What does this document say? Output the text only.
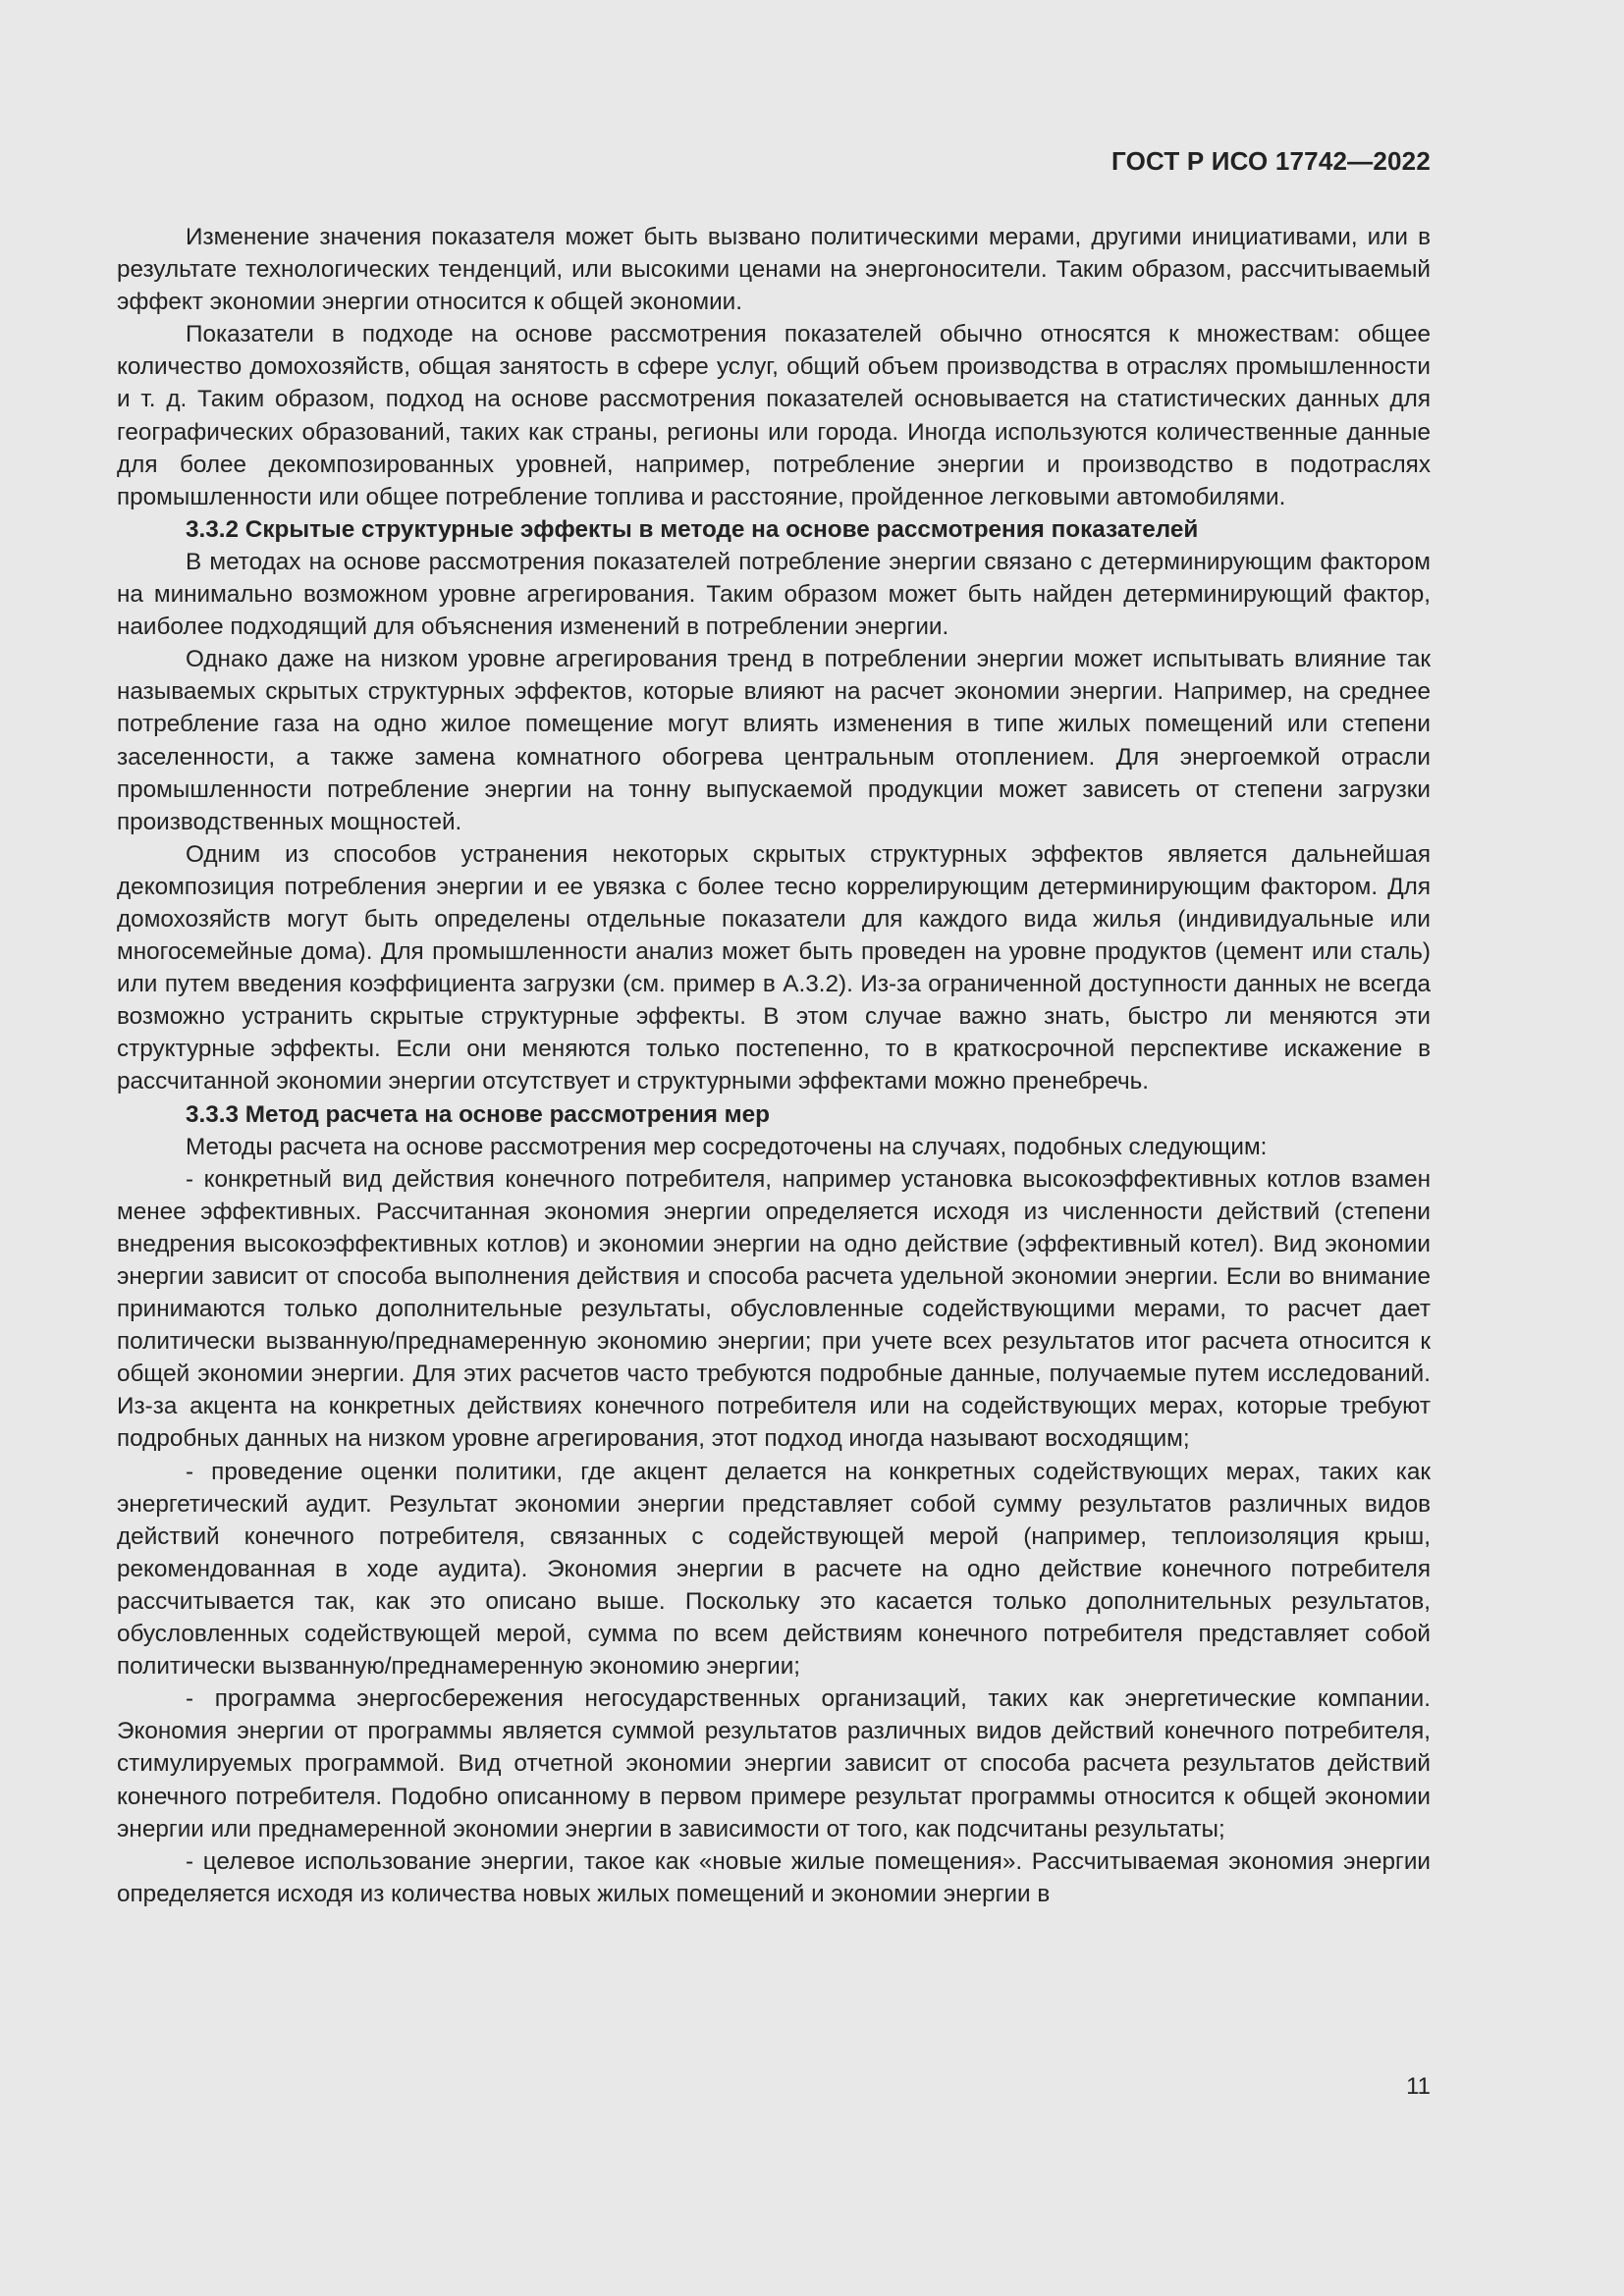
ГОСТ Р ИСО 17742—2022

Изменение значения показателя может быть вызвано политическими мерами, другими инициативами, или в результате технологических тенденций, или высокими ценами на энергоносители. Таким образом, рассчитываемый эффект экономии энергии относится к общей экономии.

Показатели в подходе на основе рассмотрения показателей обычно относятся к множествам: общее количество домохозяйств, общая занятость в сфере услуг, общий объем производства в отраслях промышленности и т. д. Таким образом, подход на основе рассмотрения показателей основывается на статистических данных для географических образований, таких как страны, регионы или города. Иногда используются количественные данные для более декомпозированных уровней, например, потребление энергии и производство в подотраслях промышленности или общее потребление топлива и расстояние, пройденное легковыми автомобилями.

3.3.2 Скрытые структурные эффекты в методе на основе рассмотрения показателей

В методах на основе рассмотрения показателей потребление энергии связано с детерминирующим фактором на минимально возможном уровне агрегирования. Таким образом может быть найден детерминирующий фактор, наиболее подходящий для объяснения изменений в потреблении энергии.

Однако даже на низком уровне агрегирования тренд в потреблении энергии может испытывать влияние так называемых скрытых структурных эффектов, которые влияют на расчет экономии энергии. Например, на среднее потребление газа на одно жилое помещение могут влиять изменения в типе жилых помещений или степени заселенности, а также замена комнатного обогрева центральным отоплением. Для энергоемкой отрасли промышленности потребление энергии на тонну выпускаемой продукции может зависеть от степени загрузки производственных мощностей.

Одним из способов устранения некоторых скрытых структурных эффектов является дальнейшая декомпозиция потребления энергии и ее увязка с более тесно коррелирующим детерминирующим фактором. Для домохозяйств могут быть определены отдельные показатели для каждого вида жилья (индивидуальные или многосемейные дома). Для промышленности анализ может быть проведен на уровне продуктов (цемент или сталь) или путем введения коэффициента загрузки (см. пример в А.3.2). Из-за ограниченной доступности данных не всегда возможно устранить скрытые структурные эффекты. В этом случае важно знать, быстро ли меняются эти структурные эффекты. Если они меняются только постепенно, то в краткосрочной перспективе искажение в рассчитанной экономии энергии отсутствует и структурными эффектами можно пренебречь.

3.3.3 Метод расчета на основе рассмотрения мер

Методы расчета на основе рассмотрения мер сосредоточены на случаях, подобных следующим:

- конкретный вид действия конечного потребителя, например установка высокоэффективных котлов взамен менее эффективных. Рассчитанная экономия энергии определяется исходя из численности действий (степени внедрения высокоэффективных котлов) и экономии энергии на одно действие (эффективный котел). Вид экономии энергии зависит от способа выполнения действия и способа расчета удельной экономии энергии. Если во внимание принимаются только дополнительные результаты, обусловленные содействующими мерами, то расчет дает политически вызванную/преднамеренную экономию энергии; при учете всех результатов итог расчета относится к общей экономии энергии. Для этих расчетов часто требуются подробные данные, получаемые путем исследований. Из-за акцента на конкретных действиях конечного потребителя или на содействующих мерах, которые требуют подробных данных на низком уровне агрегирования, этот подход иногда называют восходящим;

- проведение оценки политики, где акцент делается на конкретных содействующих мерах, таких как энергетический аудит. Результат экономии энергии представляет собой сумму результатов различных видов действий конечного потребителя, связанных с содействующей мерой (например, теплоизоляция крыш, рекомендованная в ходе аудита). Экономия энергии в расчете на одно действие конечного потребителя рассчитывается так, как это описано выше. Поскольку это касается только дополнительных результатов, обусловленных содействующей мерой, сумма по всем действиям конечного потребителя представляет собой политически вызванную/преднамеренную экономию энергии;

- программа энергосбережения негосударственных организаций, таких как энергетические компании. Экономия энергии от программы является суммой результатов различных видов действий конечного потребителя, стимулируемых программой. Вид отчетной экономии энергии зависит от способа расчета результатов действий конечного потребителя. Подобно описанному в первом примере результат программы относится к общей экономии энергии или преднамеренной экономии энергии в зависимости от того, как подсчитаны результаты;

- целевое использование энергии, такое как «новые жилые помещения». Рассчитываемая экономия энергии определяется исходя из количества новых жилых помещений и экономии энергии в

11
